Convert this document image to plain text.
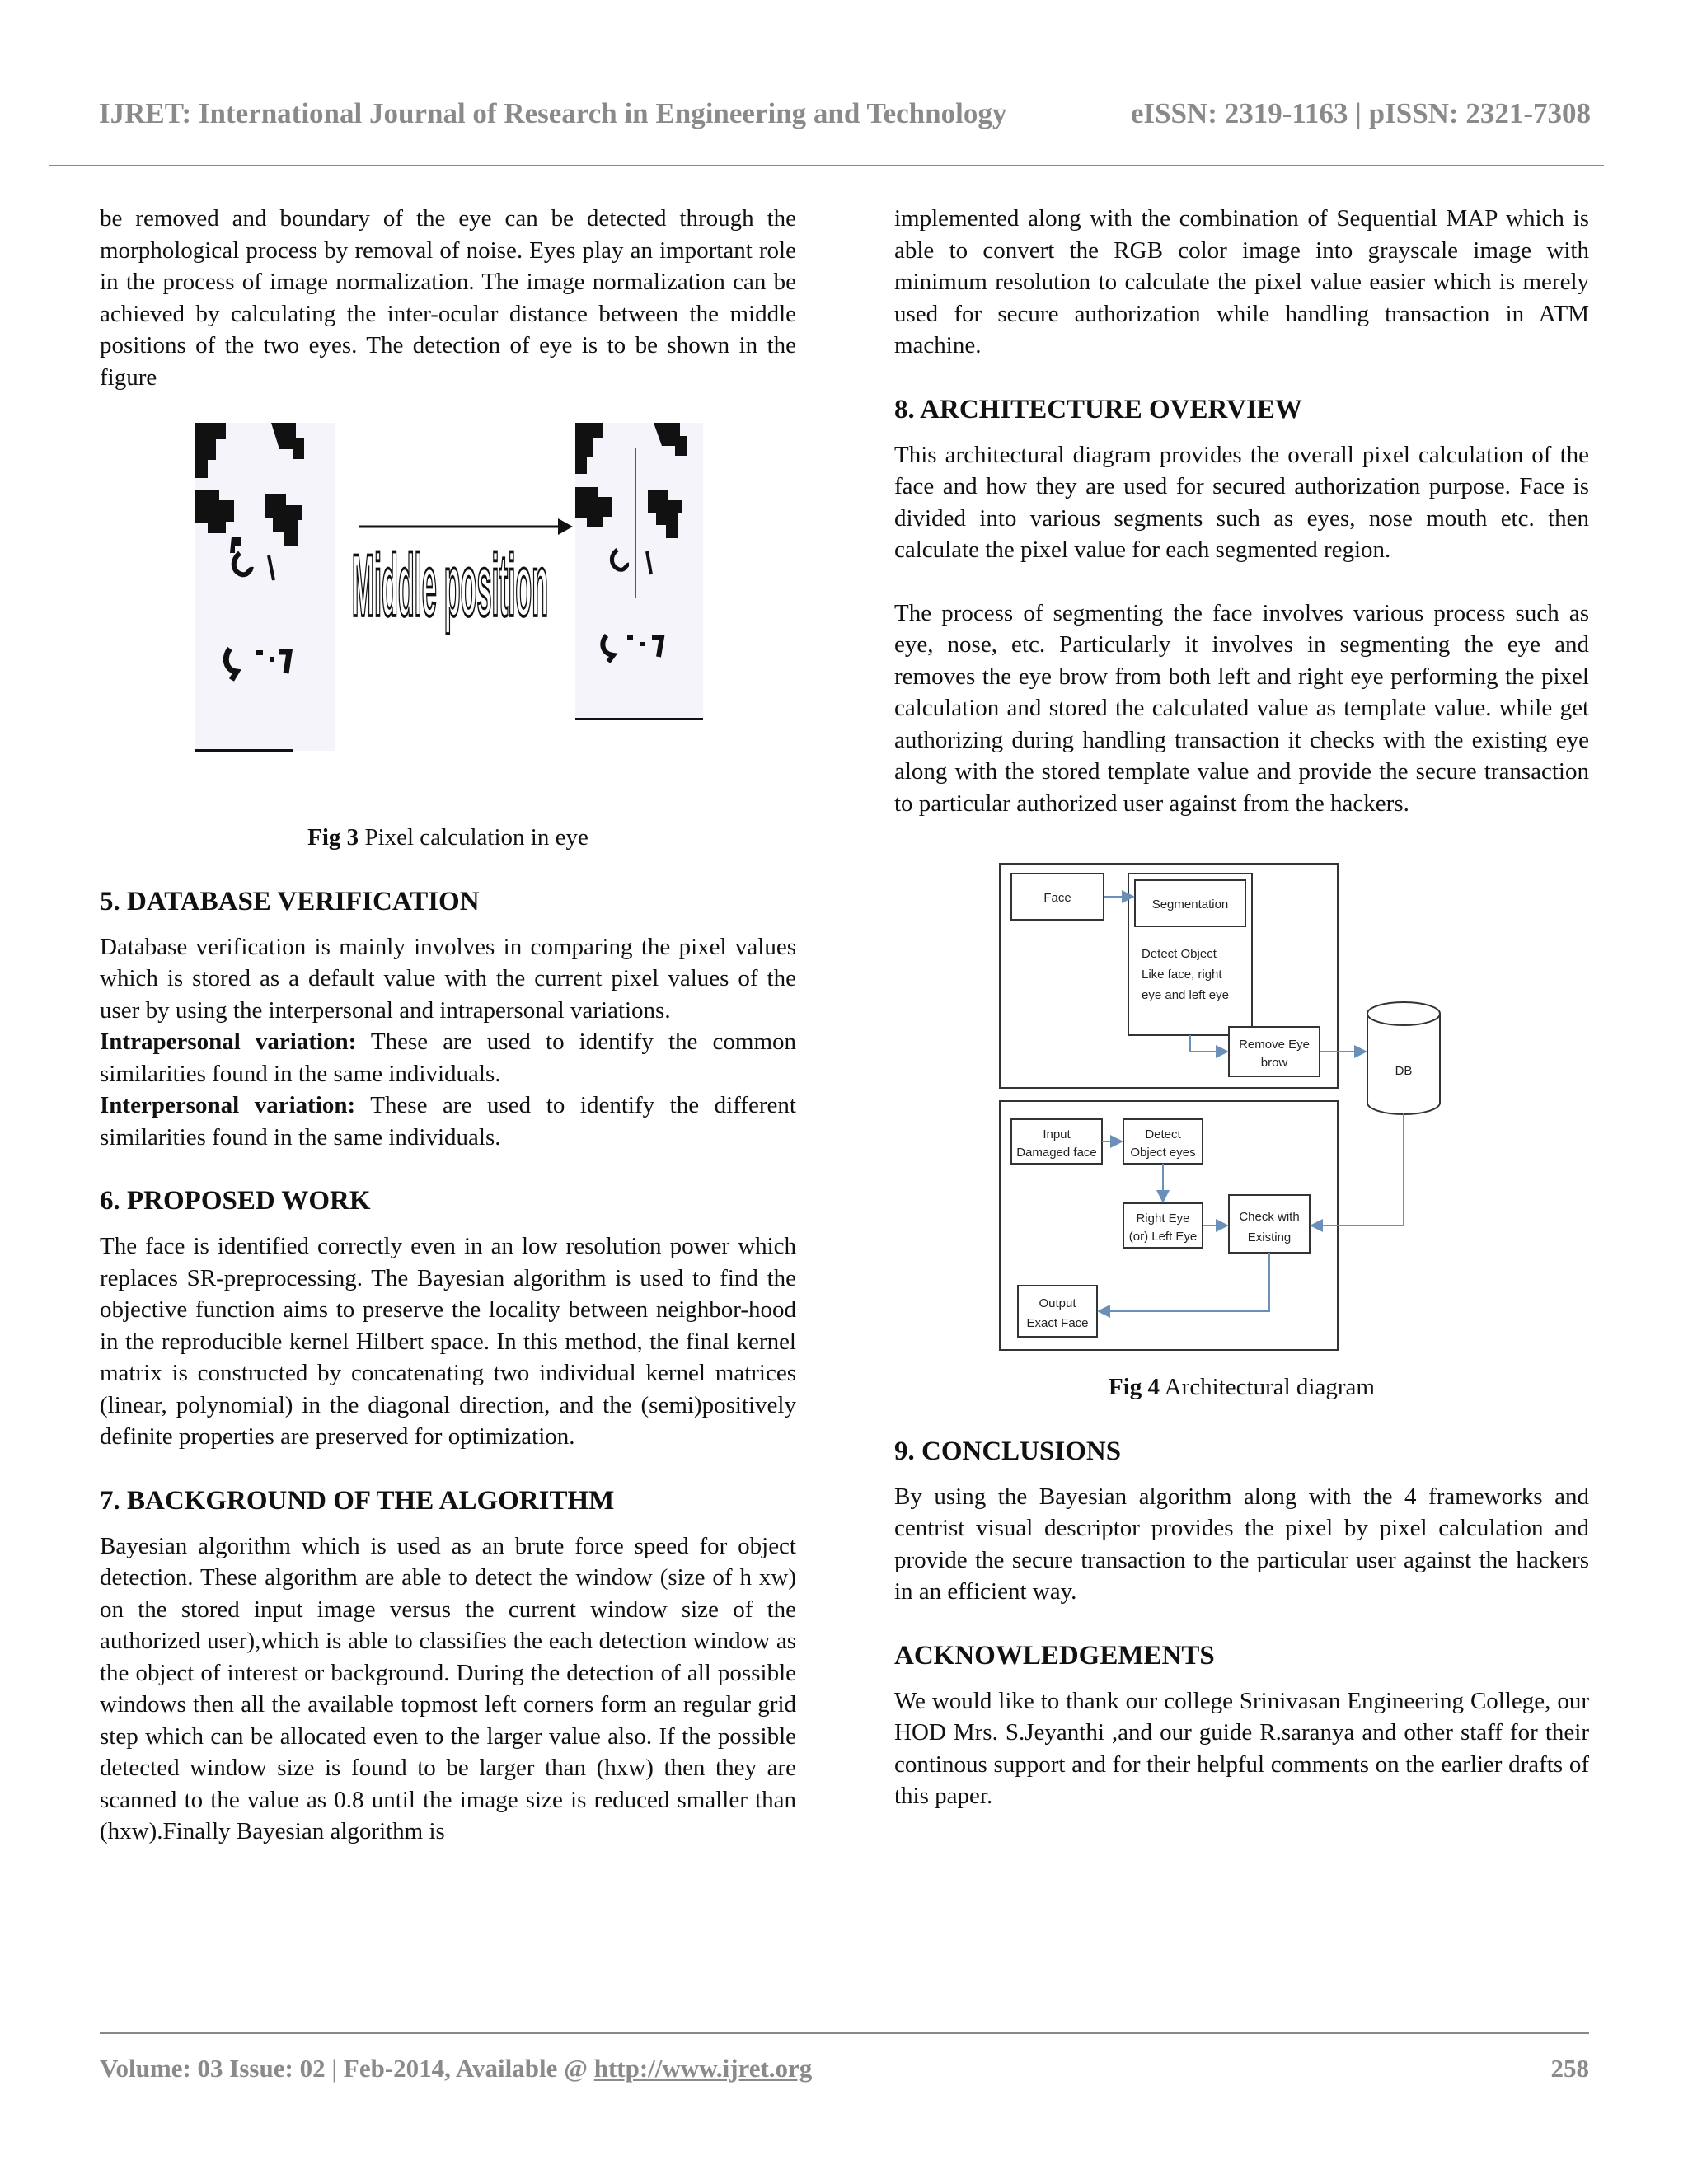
IJRET: International Journal of Research in Engineering and Technology	eISSN: 2319-1163 | pISSN: 2321-7308

be removed and boundary of the eye can be detected through the morphological process by removal of noise. Eyes play an important role in the process of image normalization. The image normalization can be achieved by calculating the inter-ocular distance between the middle positions of the two eyes. The detection of eye is to be shown in the figure

Middle position

Fig 3 Pixel calculation in eye

5. DATABASE VERIFICATION

Database verification is mainly involves in comparing the pixel values which is stored as a default value with the current pixel values of the user by using the interpersonal and intrapersonal variations.

Intrapersonal variation: These are used to identify the common similarities found in the same individuals.

Interpersonal variation: These are used to identify the different similarities found in the same individuals.

6. PROPOSED WORK

The face is identified correctly even in an low resolution power which replaces SR-preprocessing. The Bayesian algorithm is used to find the objective function aims to preserve the locality between neighbor-hood in the reproducible kernel Hilbert space. In this method, the final kernel matrix is constructed by concatenating two individual kernel matrices (linear, polynomial) in the diagonal direction, and the (semi)positively definite properties are preserved for optimization.

7. BACKGROUND OF THE ALGORITHM

Bayesian algorithm which is used as an brute force speed for object detection. These algorithm are able to detect the window (size of h xw) on the stored input image versus the current window size of the authorized user),which is able to classifies the each detection window as the object of interest or background. During the detection of all possible windows then all the available topmost left corners form an regular grid step which can be allocated even to the larger value also. If the possible detected window size is found to be larger than (hxw) then they are scanned to the value as 0.8 until the image size is reduced smaller than (hxw).Finally Bayesian algorithm is

implemented along with the combination of Sequential MAP which is able to convert the RGB color image into grayscale image with minimum resolution to calculate the pixel value easier which is merely used for secure authorization while handling transaction in ATM machine.

8. ARCHITECTURE OVERVIEW

This architectural diagram provides the overall pixel calculation of the face and how they are used for secured authorization purpose. Face is divided into various segments such as eyes, nose mouth etc. then calculate the pixel value for each segmented region.

The process of segmenting the face involves various process such as eye, nose, etc. Particularly it involves in segmenting the eye and removes the eye brow from both left and right eye performing the pixel calculation and stored the calculated value as template value. while get authorizing during handling transaction it checks with the existing eye along with the stored template value and provide the secure transaction to particular authorized user against from the hackers.

Face	Segmentation
Detect Object
Like face, right
eye and left eye
Remove Eye
brow
DB
Input
Damaged face
Detect
Object eyes
Right Eye
(or) Left Eye
Check with
Existing
Output
Exact Face

Fig 4 Architectural diagram

9. CONCLUSIONS

By using the Bayesian algorithm along with the 4 frameworks and centrist visual descriptor provides the pixel by pixel calculation and provide the secure transaction to the particular user against the hackers in an efficient way.

ACKNOWLEDGEMENTS

We would like to thank our college Srinivasan Engineering College, our HOD Mrs. S.Jeyanthi ,and our guide R.saranya and other staff for their continous support and for their helpful comments on the earlier drafts of this paper.

Volume: 03 Issue: 02 | Feb-2014, Available @ http://www.ijret.org	258
